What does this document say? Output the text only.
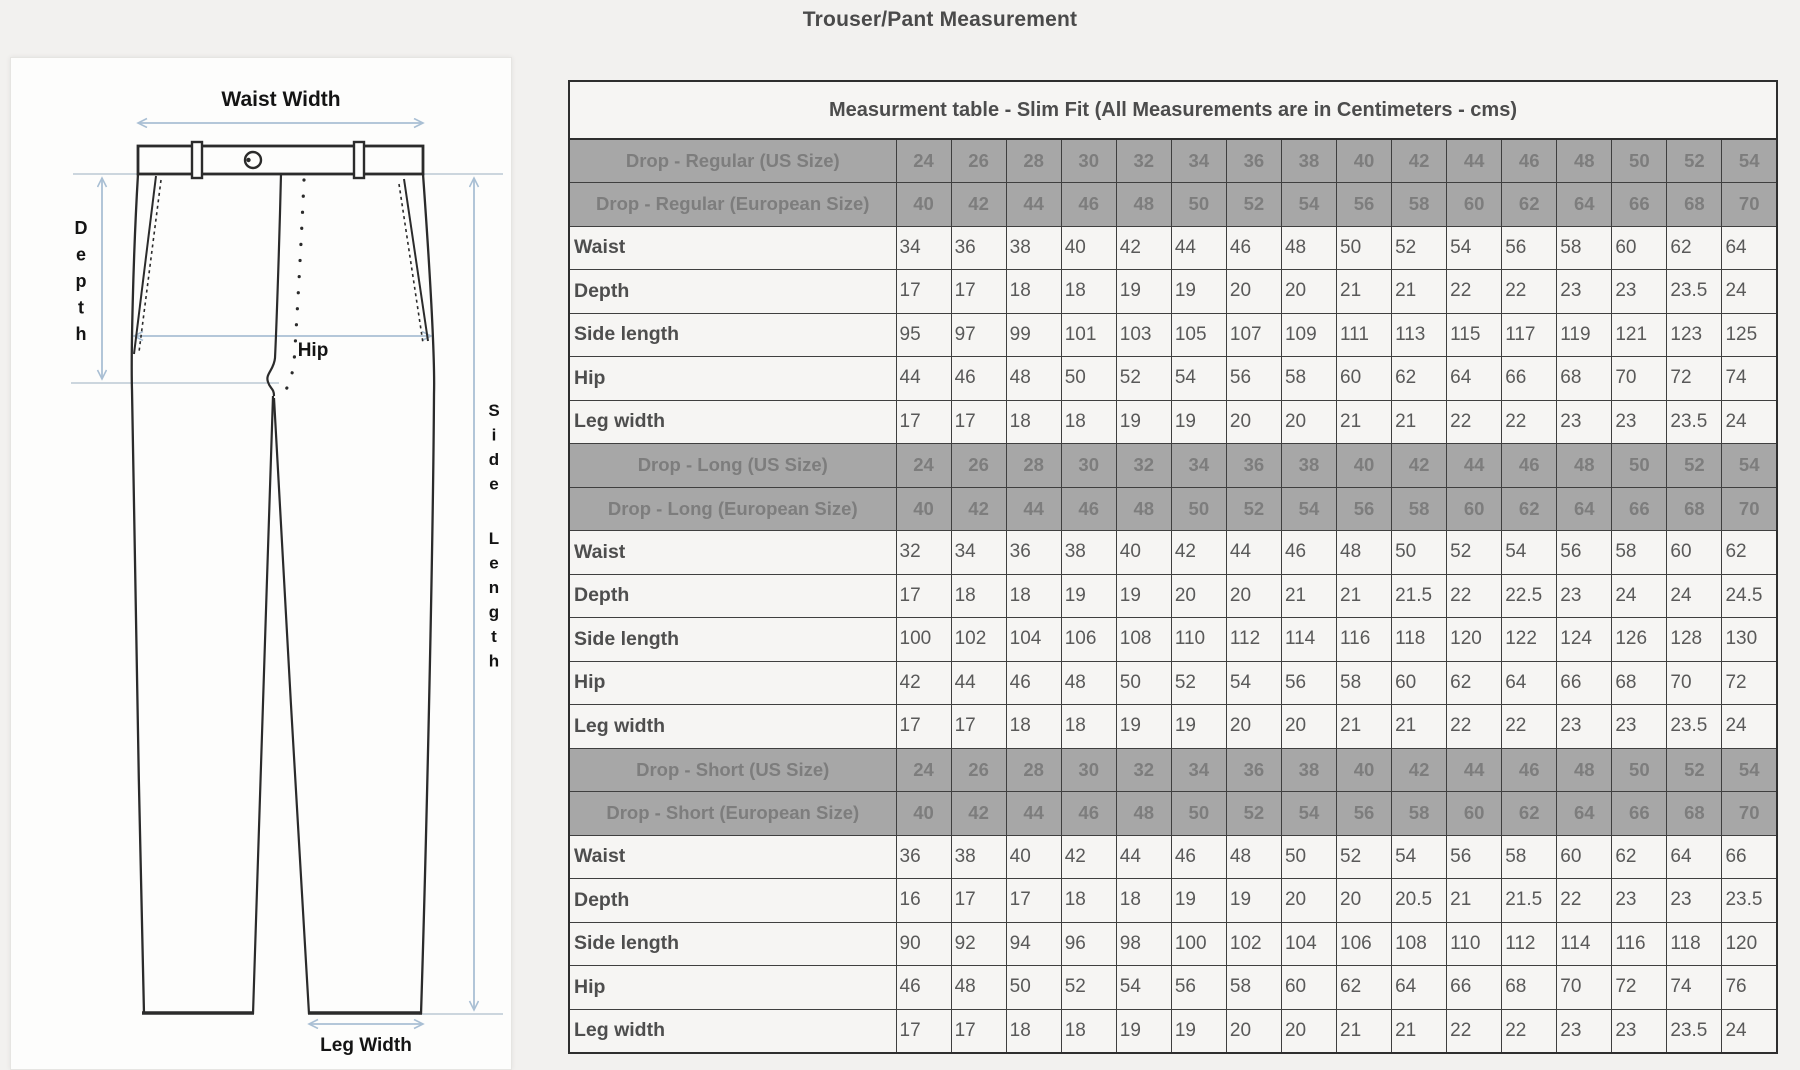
Trouser/Pant Measurement
Waist Width
Hip
Leg Width
D
e
p
t
h
S
i
d
e
L
e
n
g
t
h
Measurment table - Slim Fit (All Measurements are in Centimeters - cms)																
Drop - Regular (US Size)	24	26	28	30	32	34	36	38	40	42	44	46	48	50	52	54
Drop - Regular (European Size)	40	42	44	46	48	50	52	54	56	58	60	62	64	66	68	70
Waist	34	36	38	40	42	44	46	48	50	52	54	56	58	60	62	64
Depth	17	17	18	18	19	19	20	20	21	21	22	22	23	23	23.5	24
Side length	95	97	99	101	103	105	107	109	111	113	115	117	119	121	123	125
Hip	44	46	48	50	52	54	56	58	60	62	64	66	68	70	72	74
Leg width	17	17	18	18	19	19	20	20	21	21	22	22	23	23	23.5	24
Drop - Long (US Size)	24	26	28	30	32	34	36	38	40	42	44	46	48	50	52	54
Drop - Long (European Size)	40	42	44	46	48	50	52	54	56	58	60	62	64	66	68	70
Waist	32	34	36	38	40	42	44	46	48	50	52	54	56	58	60	62
Depth	17	18	18	19	19	20	20	21	21	21.5	22	22.5	23	24	24	24.5
Side length	100	102	104	106	108	110	112	114	116	118	120	122	124	126	128	130
Hip	42	44	46	48	50	52	54	56	58	60	62	64	66	68	70	72
Leg width	17	17	18	18	19	19	20	20	21	21	22	22	23	23	23.5	24
Drop - Short (US Size)	24	26	28	30	32	34	36	38	40	42	44	46	48	50	52	54
Drop - Short (European Size)	40	42	44	46	48	50	52	54	56	58	60	62	64	66	68	70
Waist	36	38	40	42	44	46	48	50	52	54	56	58	60	62	64	66
Depth	16	17	17	18	18	19	19	20	20	20.5	21	21.5	22	23	23	23.5
Side length	90	92	94	96	98	100	102	104	106	108	110	112	114	116	118	120
Hip	46	48	50	52	54	56	58	60	62	64	66	68	70	72	74	76
Leg width	17	17	18	18	19	19	20	20	21	21	22	22	23	23	23.5	24
